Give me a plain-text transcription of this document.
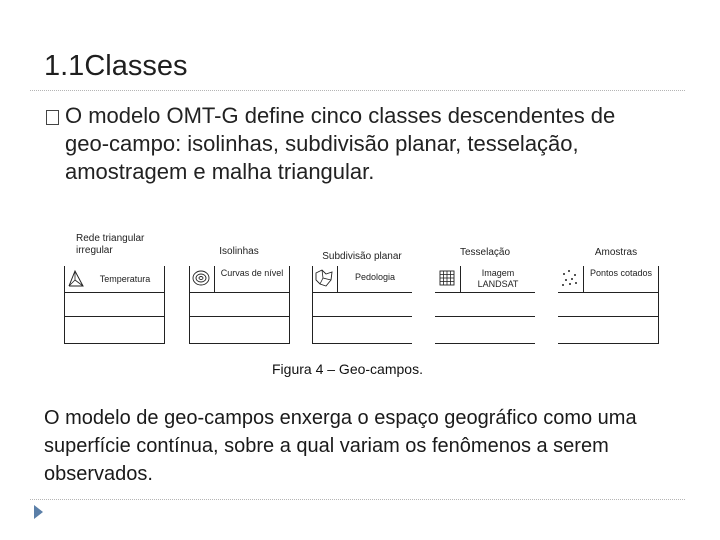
1.1Classes
O modelo OMT-G define cinco classes descendentes de geo-campo: isolinhas, subdivisão planar, tesselação, amostragem e malha triangular.
Rede triangular irregular
Temperatura
Isolinhas
Curvas de nível
Subdivisão planar
Pedologia
Tesselação
Imagem LANDSAT
Amostras
Pontos cotados
Figura 4 – Geo-campos.
O modelo de geo-campos enxerga o espaço geográfico como uma superfície contínua, sobre a qual variam os fenômenos a serem observados.
